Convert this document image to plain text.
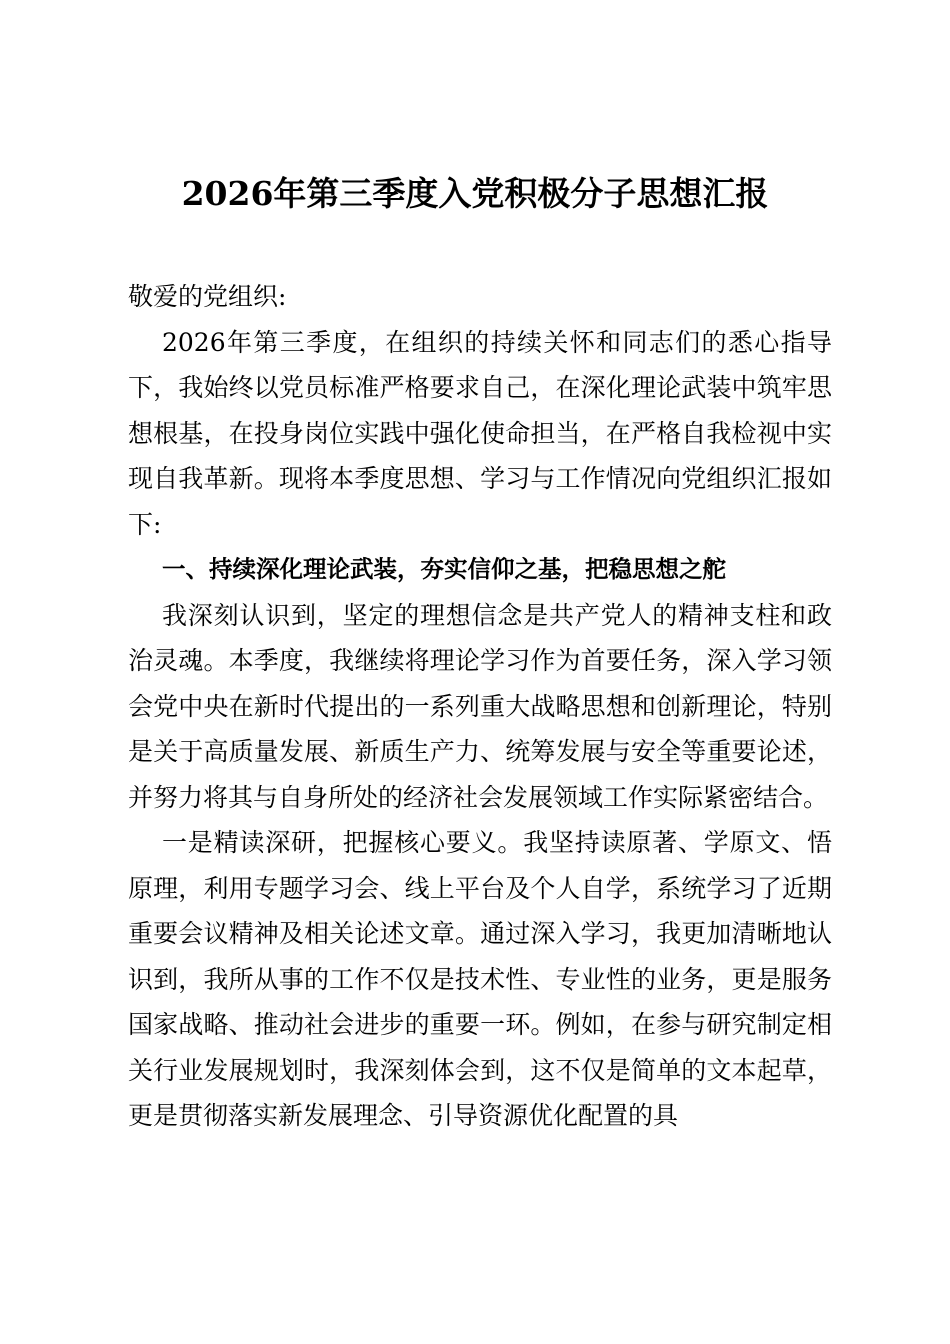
2026年第三季度入党积极分子思想汇报

敬爱的党组织:

2026年第三季度，在组织的持续关怀和同志们的悉心指导下，我始终以党员标准严格要求自己，在深化理论武装中筑牢思想根基，在投身岗位实践中强化使命担当，在严格自我检视中实现自我革新。现将本季度思想、学习与工作情况向党组织汇报如下:

一、持续深化理论武装，夯实信仰之基，把稳思想之舵

我深刻认识到，坚定的理想信念是共产党人的精神支柱和政治灵魂。本季度，我继续将理论学习作为首要任务，深入学习领会党中央在新时代提出的一系列重大战略思想和创新理论，特别是关于高质量发展、新质生产力、统筹发展与安全等重要论述，并努力将其与自身所处的经济社会发展领域工作实际紧密结合。

一是精读深研，把握核心要义。我坚持读原著、学原文、悟原理，利用专题学习会、线上平台及个人自学，系统学习了近期重要会议精神及相关论述文章。通过深入学习，我更加清晰地认识到，我所从事的工作不仅是技术性、专业性的业务，更是服务国家战略、推动社会进步的重要一环。例如，在参与研究制定相关行业发展规划时，我深刻体会到，这不仅是简单的文本起草，更是贯彻落实新发展理念、引导资源优化配置的具
